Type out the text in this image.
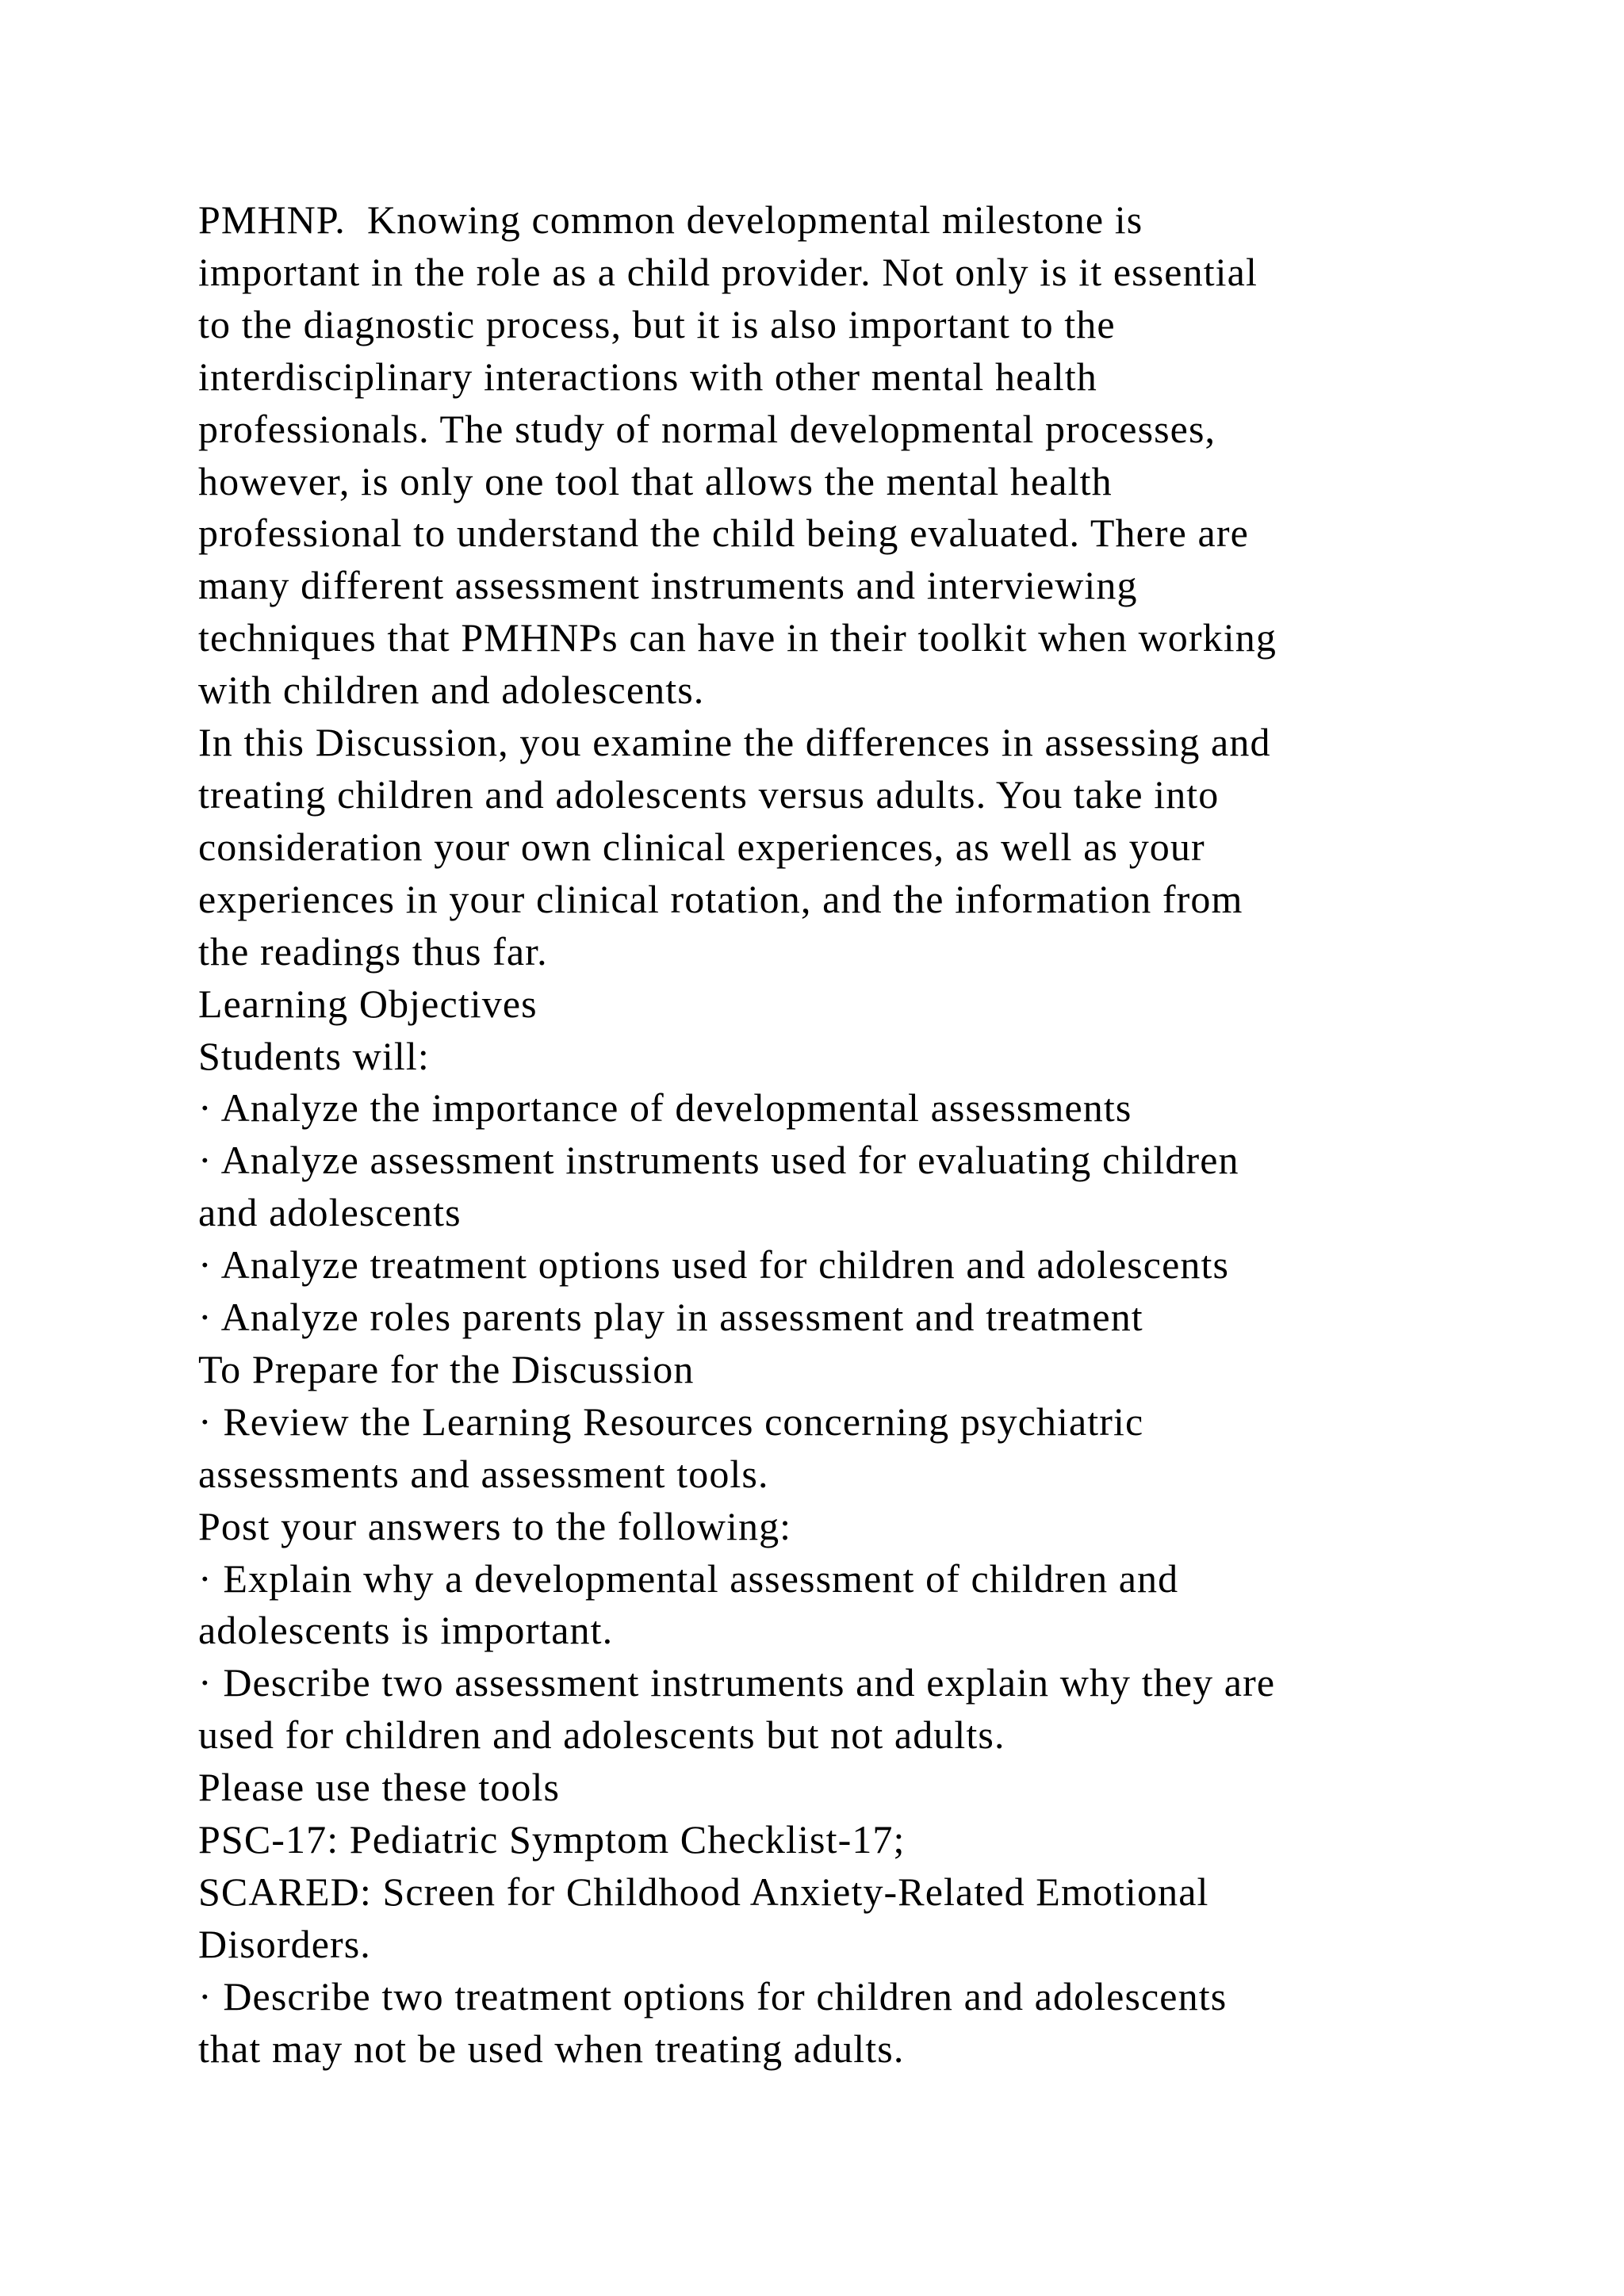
PMHNP.  Knowing common developmental milestone is
important in the role as a child provider. Not only is it essential
to the diagnostic process, but it is also important to the
interdisciplinary interactions with other mental health
professionals. The study of normal developmental processes,
however, is only one tool that allows the mental health
professional to understand the child being evaluated. There are
many different assessment instruments and interviewing
techniques that PMHNPs can have in their toolkit when working
with children and adolescents.
In this Discussion, you examine the differences in assessing and
treating children and adolescents versus adults. You take into
consideration your own clinical experiences, as well as your
experiences in your clinical rotation, and the information from
the readings thus far.
Learning Objectives
Students will:
· Analyze the importance of developmental assessments
· Analyze assessment instruments used for evaluating children
and adolescents
· Analyze treatment options used for children and adolescents
· Analyze roles parents play in assessment and treatment
To Prepare for the Discussion
· Review the Learning Resources concerning psychiatric
assessments and assessment tools.
Post your answers to the following:
· Explain why a developmental assessment of children and
adolescents is important.
· Describe two assessment instruments and explain why they are
used for children and adolescents but not adults.
Please use these tools
PSC-17: Pediatric Symptom Checklist-17;
SCARED: Screen for Childhood Anxiety-Related Emotional
Disorders.
· Describe two treatment options for children and adolescents
that may not be used when treating adults.
